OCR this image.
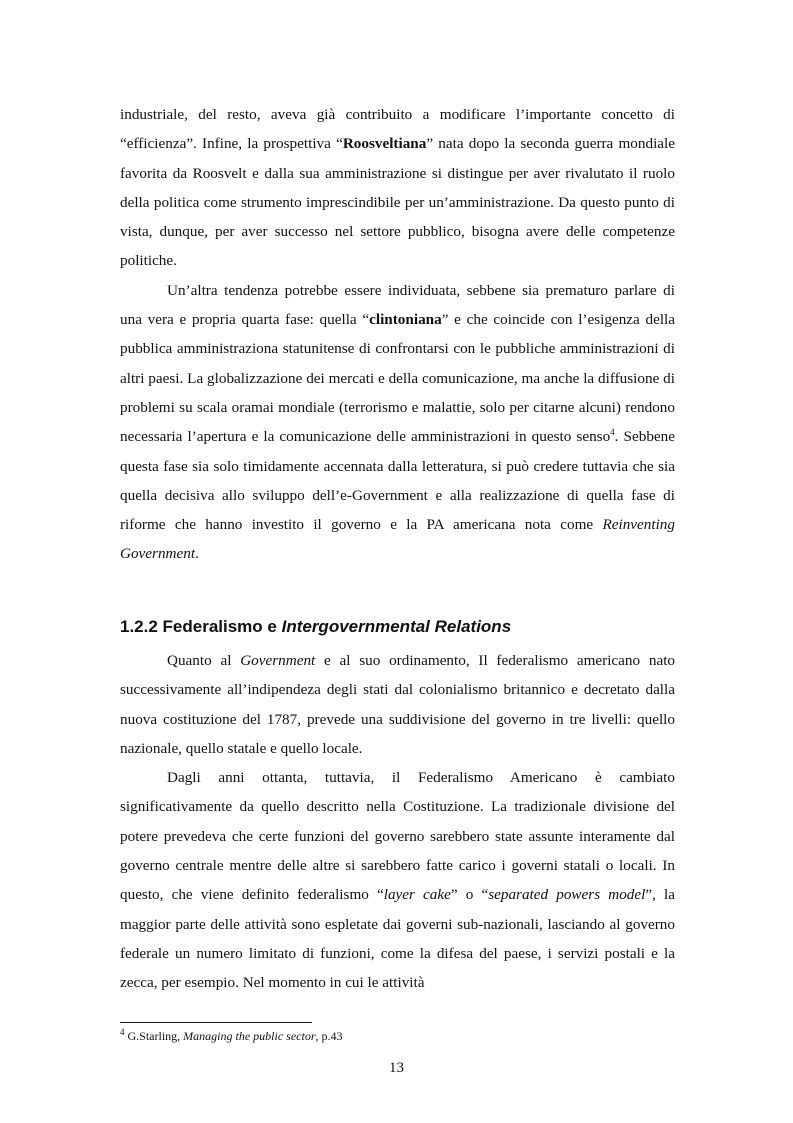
industriale, del resto, aveva già contribuito a modificare l’importante concetto di “efficienza”. Infine, la prospettiva “Roosveltiana” nata dopo la seconda guerra mondiale favorita da Roosvelt e dalla sua amministrazione si distingue per aver rivalutato il ruolo della politica come strumento imprescindibile per un’amministrazione. Da questo punto di vista, dunque, per aver successo nel settore pubblico, bisogna avere delle competenze politiche.

Un’altra tendenza potrebbe essere individuata, sebbene sia prematuro parlare di una vera e propria quarta fase: quella “clintoniana” e che coincide con l’esigenza della pubblica amministraziona statunitense di confrontarsi con le pubbliche amministrazioni di altri paesi. La globalizzazione dei mercati e della comunicazione, ma anche la diffusione di problemi su scala oramai mondiale (terrorismo e malattie, solo per citarne alcuni) rendono necessaria l’apertura e la comunicazione delle amministrazioni in questo senso$^4$. Sebbene questa fase sia solo timidamente accennata dalla letteratura, si può credere tuttavia che sia quella decisiva allo sviluppo dell’e-Government e alla realizzazione di quella fase di riforme che hanno investito il governo e la PA americana nota come Reinventing Government.

1.2.2 Federalismo e Intergovernmental Relations

Quanto al Government e al suo ordinamento, Il federalismo americano nato successivamente all’indipendeza degli stati dal colonialismo britannico e decretato dalla nuova costituzione del 1787, prevede una suddivisione del governo in tre livelli: quello nazionale, quello statale e quello locale.

Dagli anni ottanta, tuttavia, il Federalismo Americano è cambiato significativamente da quello descritto nella Costituzione. La tradizionale divisione del potere prevedeva che certe funzioni del governo sarebbero state assunte interamente dal governo centrale mentre delle altre si sarebbero fatte carico i governi statali o locali. In questo, che viene definito federalismo “layer cake” o “separated powers model”, la maggior parte delle attività sono espletate dai governi sub-nazionali, lasciando al governo federale un numero limitato di funzioni, come la difesa del paese, i servizi postali e la zecca, per esempio. Nel momento in cui le attività

$^4$ G.Starling, Managing the public sector, p.43
13
